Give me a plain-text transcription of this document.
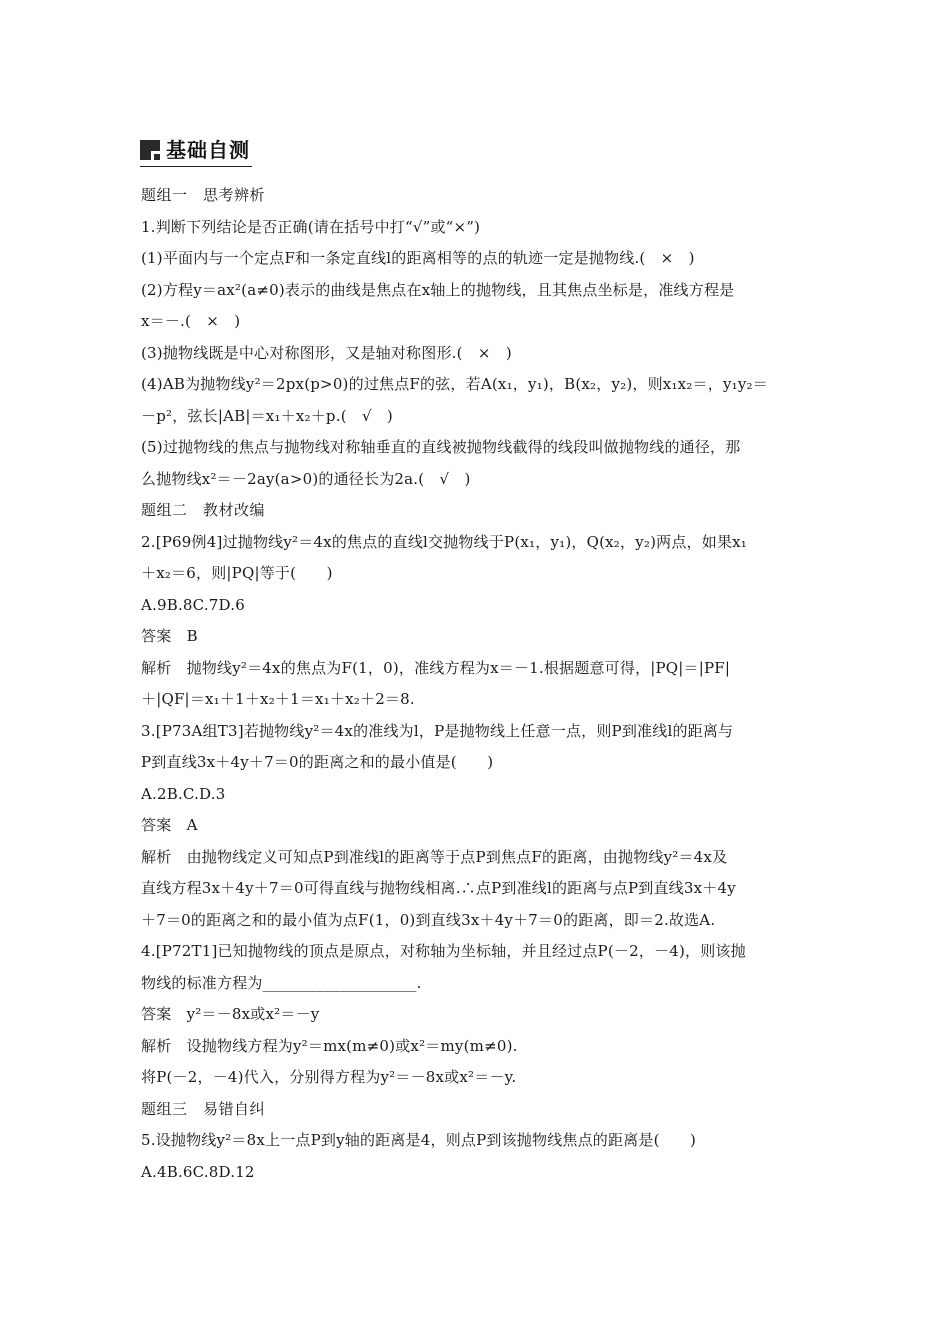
基础自测
题组一　思考辨析
1.判断下列结论是否正确(请在括号中打“√”或“×”)
(1)平面内与一个定点F和一条定直线l的距离相等的点的轨迹一定是抛物线.(　×　)
(2)方程y＝ax²(a≠0)表示的曲线是焦点在x轴上的抛物线，且其焦点坐标是，准线方程是
x＝－.(　×　)
(3)抛物线既是中心对称图形，又是轴对称图形.(　×　)
(4)AB为抛物线y²＝2px(p>0)的过焦点F的弦，若A(x₁，y₁)，B(x₂，y₂)，则x₁x₂＝，y₁y₂＝
－p²，弦长|AB|＝x₁＋x₂＋p.(　√　)
(5)过抛物线的焦点与抛物线对称轴垂直的直线被抛物线截得的线段叫做抛物线的通径，那
么抛物线x²＝－2ay(a>0)的通径长为2a.(　√　)
题组二　教材改编
2.[P69例4]过抛物线y²＝4x的焦点的直线l交抛物线于P(x₁，y₁)，Q(x₂，y₂)两点，如果x₁
＋x₂＝6，则|PQ|等于(　　)
A.9B.8C.7D.6
答案　B
解析　抛物线y²＝4x的焦点为F(1，0)，准线方程为x＝－1.根据题意可得，|PQ|＝|PF|
＋|QF|＝x₁＋1＋x₂＋1＝x₁＋x₂＋2＝8.
3.[P73A组T3]若抛物线y²＝4x的准线为l，P是抛物线上任意一点，则P到准线l的距离与
P到直线3x＋4y＋7＝0的距离之和的最小值是(　　)
A.2B.C.D.3
答案　A
解析　由抛物线定义可知点P到准线l的距离等于点P到焦点F的距离，由抛物线y²＝4x及
直线方程3x＋4y＋7＝0可得直线与抛物线相离.∴点P到准线l的距离与点P到直线3x＋4y
＋7＝0的距离之和的最小值为点F(1，0)到直线3x＋4y＋7＝0的距离，即＝2.故选A.
4.[P72T1]已知抛物线的顶点是原点，对称轴为坐标轴，并且经过点P(－2，－4)，则该抛
物线的标准方程为____________________.
答案　y²＝－8x或x²＝－y
解析　设抛物线方程为y²＝mx(m≠0)或x²＝my(m≠0).
将P(－2，－4)代入，分别得方程为y²＝－8x或x²＝－y.
题组三　易错自纠
5.设抛物线y²＝8x上一点P到y轴的距离是4，则点P到该抛物线焦点的距离是(　　)
A.4B.6C.8D.12
